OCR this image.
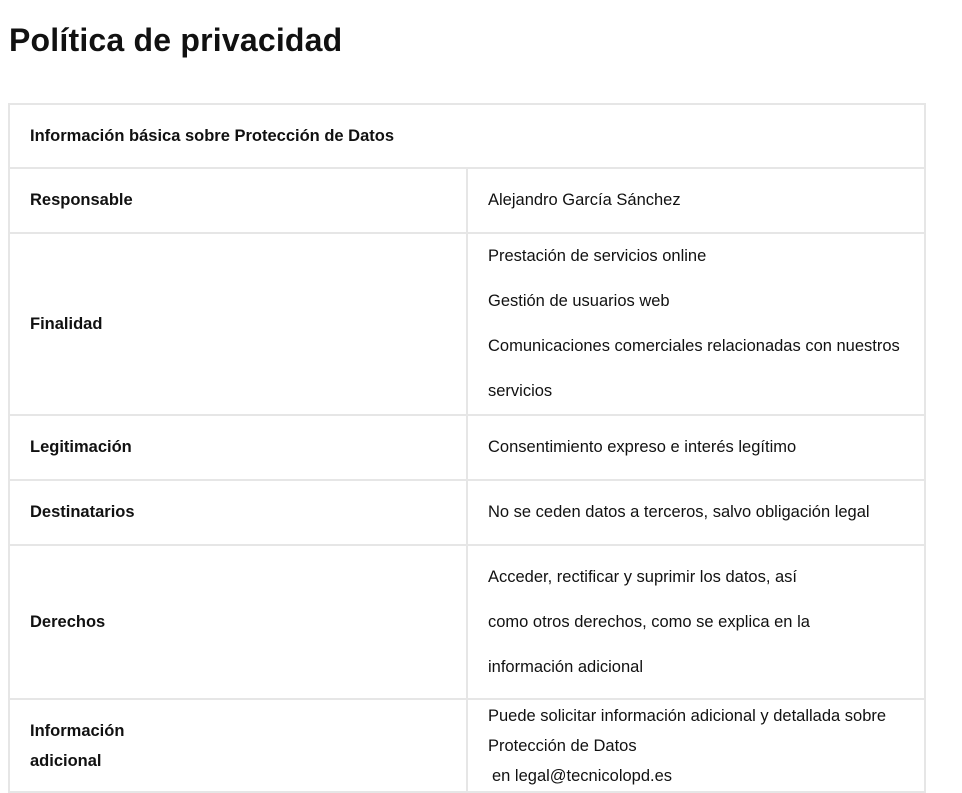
Política de privacidad
Información básica sobre Protección de Datos	
Responsable	Alejandro García Sánchez

Finalidad	Prestación de servicios online
Gestión de usuarios web
Comunicaciones comerciales relacionadas con nuestros servicios

Legitimación	Consentimiento expreso e interés legítimo

Destinatarios	No se ceden datos a terceros, salvo obligación legal

Derechos	Acceder, rectificar y suprimir los datos, así
como otros derechos, como se explica en la
información adicional

Información
adicional	Puede solicitar información adicional y detallada sobre Protección de Datos
en legal@tecnicolopd.es
